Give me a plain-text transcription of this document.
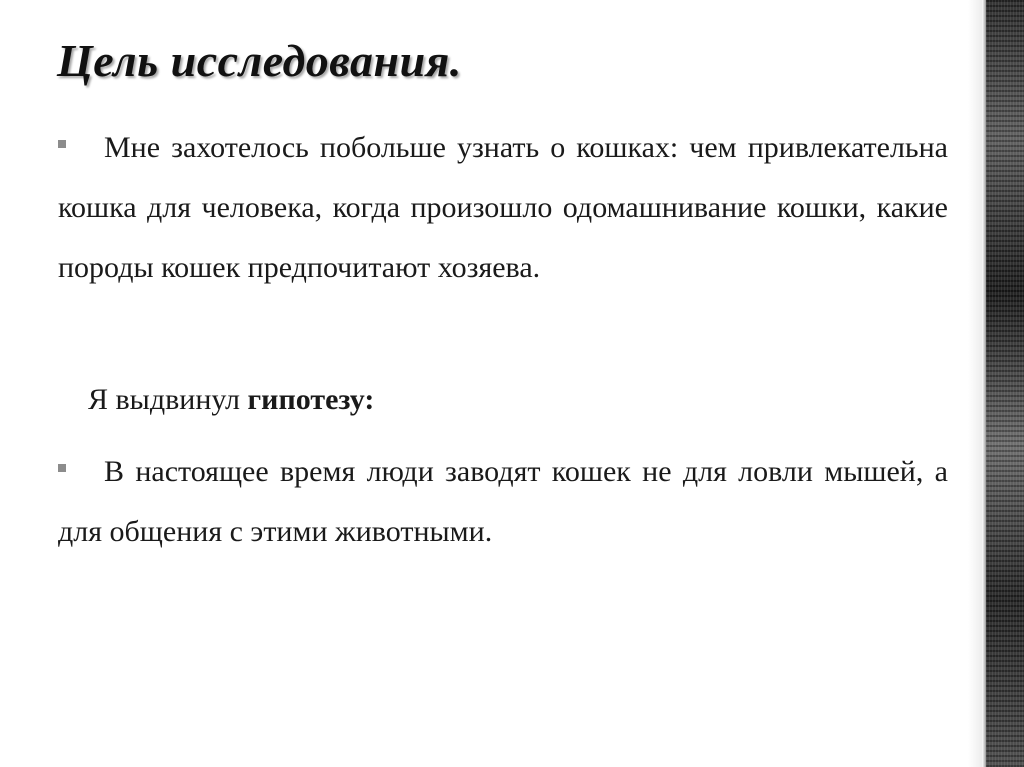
Цель исследования.

Мне захотелось побольше узнать о кошках: чем привлекательна кошка для человека, когда произошло одомашнивание кошки, какие породы кошек предпочитают хозяева.

Я выдвинул гипотезу:

В настоящее время люди заводят кошек не для ловли мышей, а для общения с этими животными.
